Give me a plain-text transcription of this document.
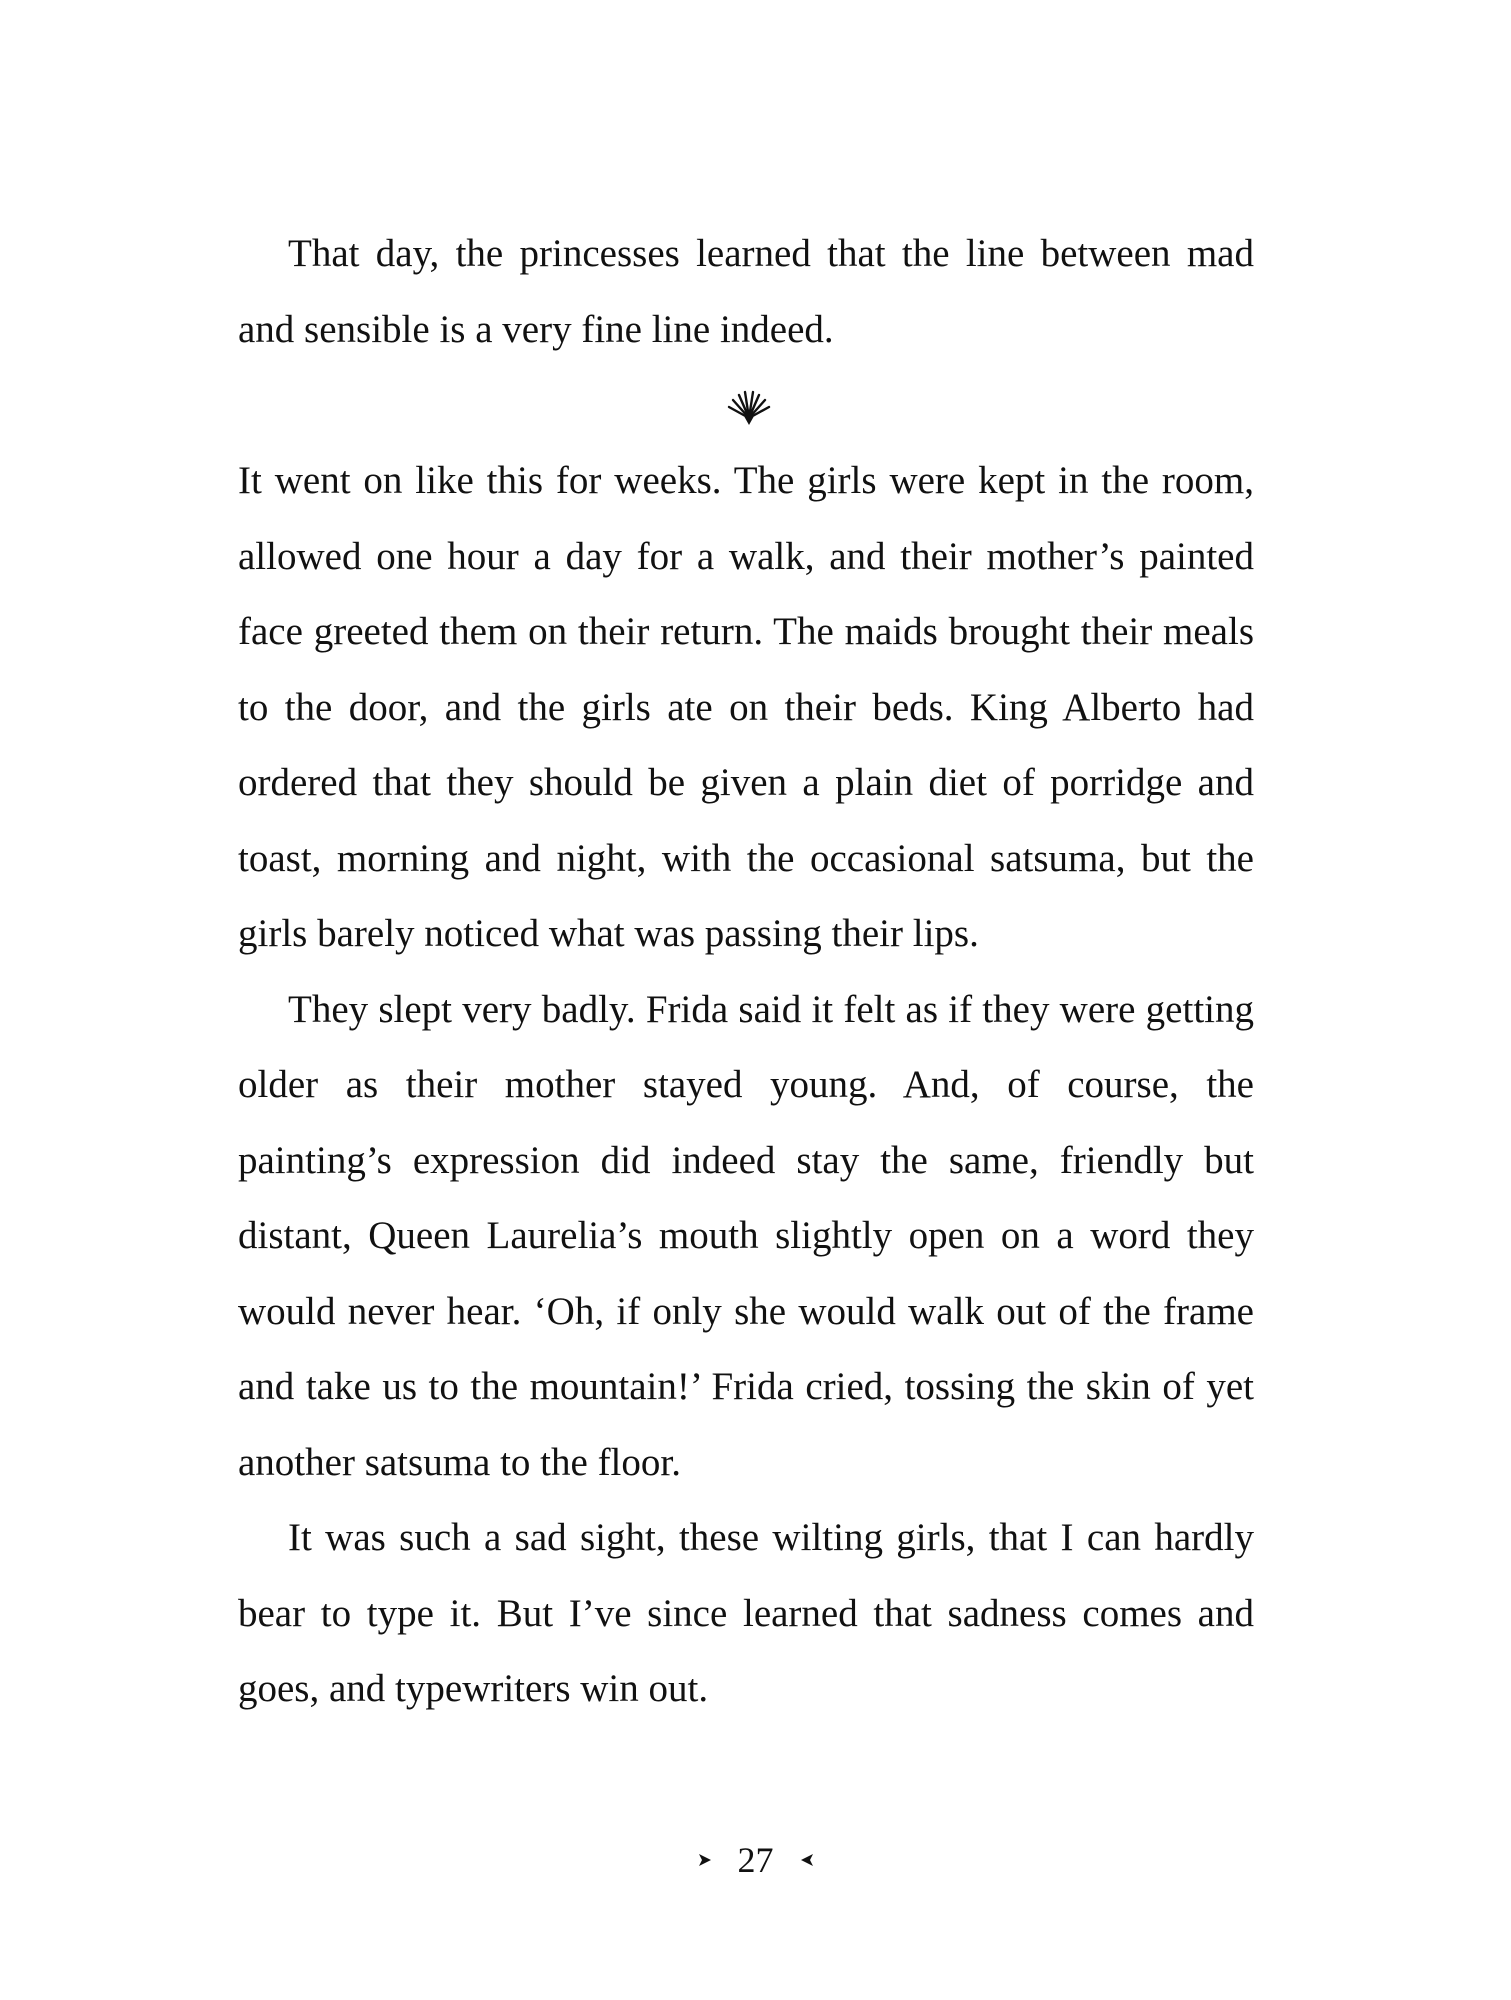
That day, the princesses learned that the line between mad and sensible is a very fine line indeed.

It went on like this for weeks. The girls were kept in the room, allowed one hour a day for a walk, and their mother’s painted face greeted them on their return. The maids brought their meals to the door, and the girls ate on their beds. King Alberto had ordered that they should be given a plain diet of porridge and toast, morning and night, with the occasional satsuma, but the girls barely noticed what was passing their lips.

They slept very badly. Frida said it felt as if they were getting older as their mother stayed young. And, of course, the painting’s expression did indeed stay the same, friendly but distant, Queen Laurelia’s mouth slightly open on a word they would never hear. ‘Oh, if only she would walk out of the frame and take us to the mountain!’ Frida cried, tossing the skin of yet another satsuma to the floor.

It was such a sad sight, these wilting girls, that I can hardly bear to type it. But I’ve since learned that sadness comes and goes, and typewriters win out.

27
